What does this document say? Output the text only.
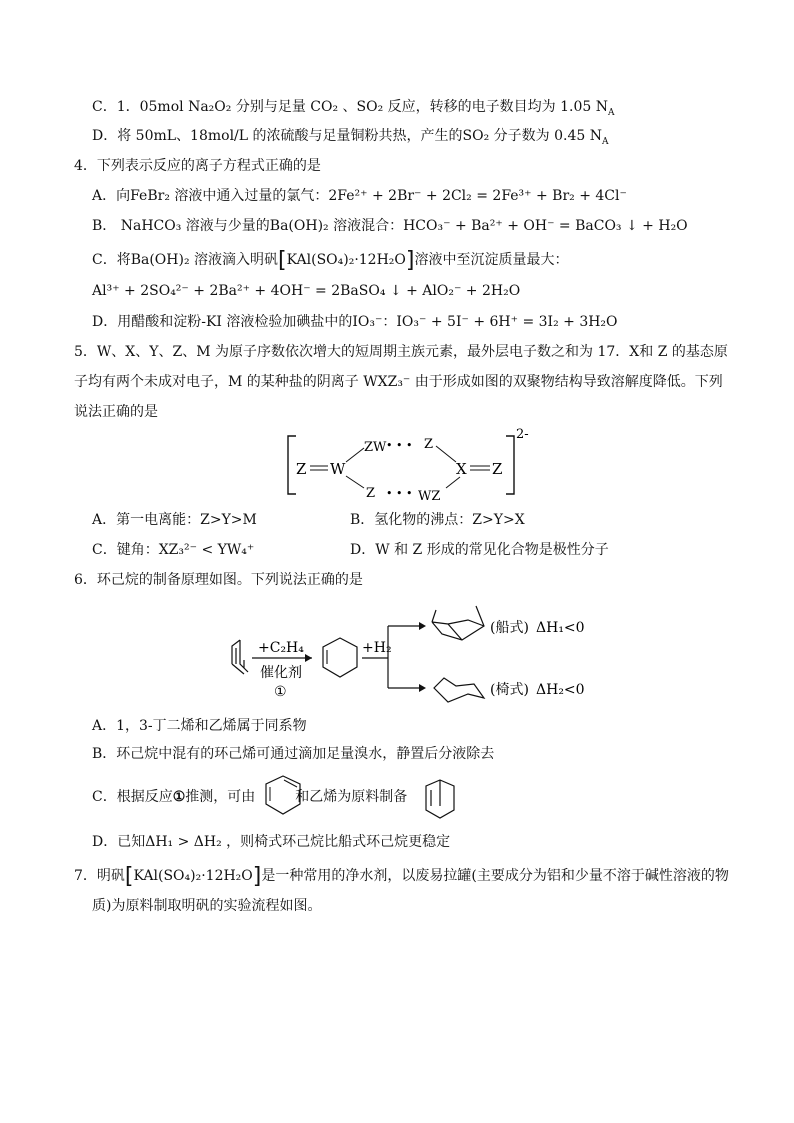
C．1．05mol Na₂O₂ 分别与足量 CO₂ 、SO₂ 反应，转移的电子数目均为 1.05 $N_A$
D．将 50mL、18mol/L 的浓硫酸与足量铜粉共热，产生的SO₂ 分子数为 0.45 $N_A$
4．下列表示反应的离子方程式正确的是
A．向FeBr₂ 溶液中通入过量的氯气：2Fe²⁺ + 2Br⁻ + 2Cl₂ = 2Fe³⁺ + Br₂ + 4Cl⁻
B． NaHCO₃ 溶液与少量的Ba(OH)₂ 溶液混合：HCO₃⁻ + Ba²⁺ + OH⁻ = BaCO₃ ↓ + H₂O
C．将Ba(OH)₂ 溶液滴入明矾[KAl(SO₄)₂·12H₂O]溶液中至沉淀质量最大：
Al³⁺ + 2SO₄²⁻ + 2Ba²⁺ + 4OH⁻ = 2BaSO₄ ↓ + AlO₂⁻ + 2H₂O
D．用醋酸和淀粉-KI 溶液检验加碘盐中的IO₃⁻：IO₃⁻ + 5I⁻ + 6H⁺ = 3I₂ + 3H₂O
5．W、X、Y、Z、M 为原子序数依次增大的短周期主族元素，最外层电子数之和为 17．X和 Z 的基态原
子均有两个未成对电子，M 的某种盐的阴离子 WXZ₃⁻ 由于形成如图的双聚物结构导致溶解度降低。下列
说法正确的是
2-
Z W
ZW • • • Z
X Z
Z • • • WZ
A．第一电离能：Z>Y>M	B．氢化物的沸点：Z>Y>X
C．键角：XZ₃²⁻ < YW₄⁺	D．W 和 Z 形成的常见化合物是极性分子
6．环己烷的制备原理如图。下列说法正确的是
+C₂H₄
催化剂
①
+H₂
(船式) ΔH₁<0
(椅式) ΔH₂<0
A．1，3-丁二烯和乙烯属于同系物
B．环己烷中混有的环己烯可通过滴加足量溴水，静置后分液除去
C．根据反应①推测，可由	和乙烯为原料制备
D．已知ΔH₁ > ΔH₂ ，则椅式环己烷比船式环己烷更稳定
7．明矾[KAl(SO₄)₂·12H₂O]是一种常用的净水剂，以废易拉罐(主要成分为铝和少量不溶于碱性溶液的物
质)为原料制取明矾的实验流程如图。
